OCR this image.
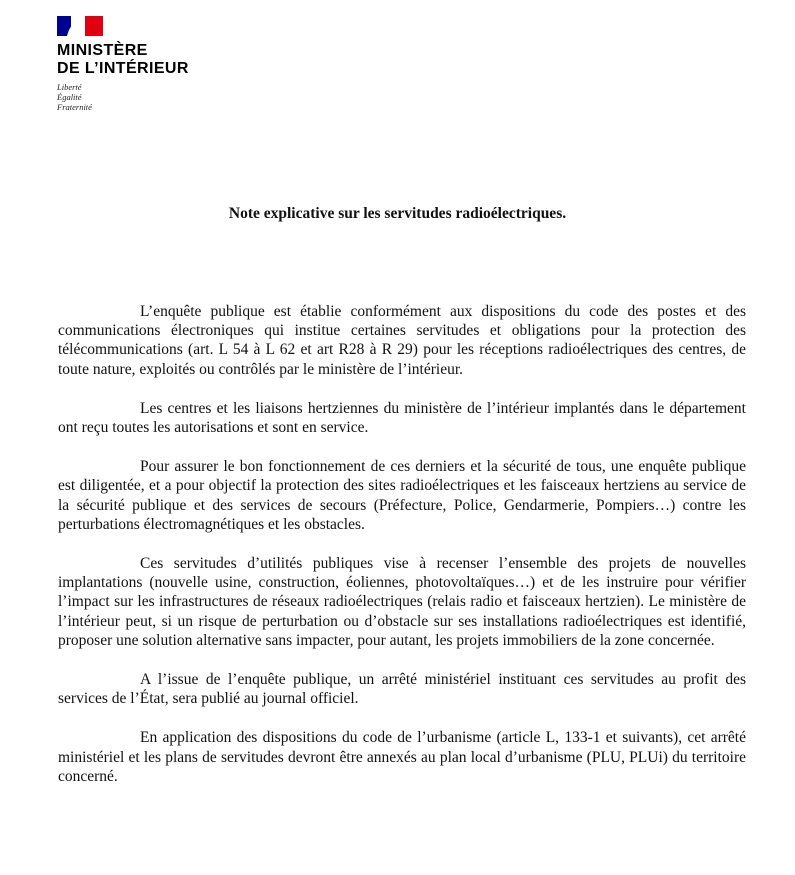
MINISTÈRE
DE L’INTÉRIEUR
Liberté
Égalité
Fraternité
Note explicative sur les servitudes radioélectriques.

L’enquête publique est établie conformément aux dispositions du code des postes et des communications électroniques qui institue certaines servitudes et obligations pour la protection des télécommunications (art. L 54 à L 62 et art R28 à R 29) pour les réceptions radioélectriques des centres, de toute nature, exploités ou contrôlés par le ministère de l’intérieur.

Les centres et les liaisons hertziennes du ministère de l’intérieur implantés dans le département ont reçu toutes les autorisations et sont en service.

Pour assurer le bon fonctionnement de ces derniers et la sécurité de tous, une enquête publique est diligentée, et a pour objectif la protection des sites radioélectriques et les faisceaux hertziens au service de la sécurité publique et des services de secours (Préfecture, Police, Gendarmerie, Pompiers…) contre les perturbations électromagnétiques et les obstacles.

Ces servitudes d’utilités publiques vise à recenser l’ensemble des projets de nouvelles implantations (nouvelle usine, construction, éoliennes, photovoltaïques…) et de les instruire pour vérifier l’impact sur les infrastructures de réseaux radioélectriques (relais radio et faisceaux hertzien). Le ministère de l’intérieur peut, si un risque de perturbation ou d’obstacle sur ses installations radioélectriques est identifié, proposer une solution alternative sans impacter, pour autant, les projets immobiliers de la zone concernée.

A l’issue de l’enquête publique, un arrêté ministériel instituant ces servitudes au profit des services de l’État, sera publié au journal officiel.

En application des dispositions du code de l’urbanisme (article L, 133-1 et suivants), cet arrêté ministériel et les plans de servitudes devront être annexés au plan local d’urbanisme (PLU, PLUi) du territoire concerné.
